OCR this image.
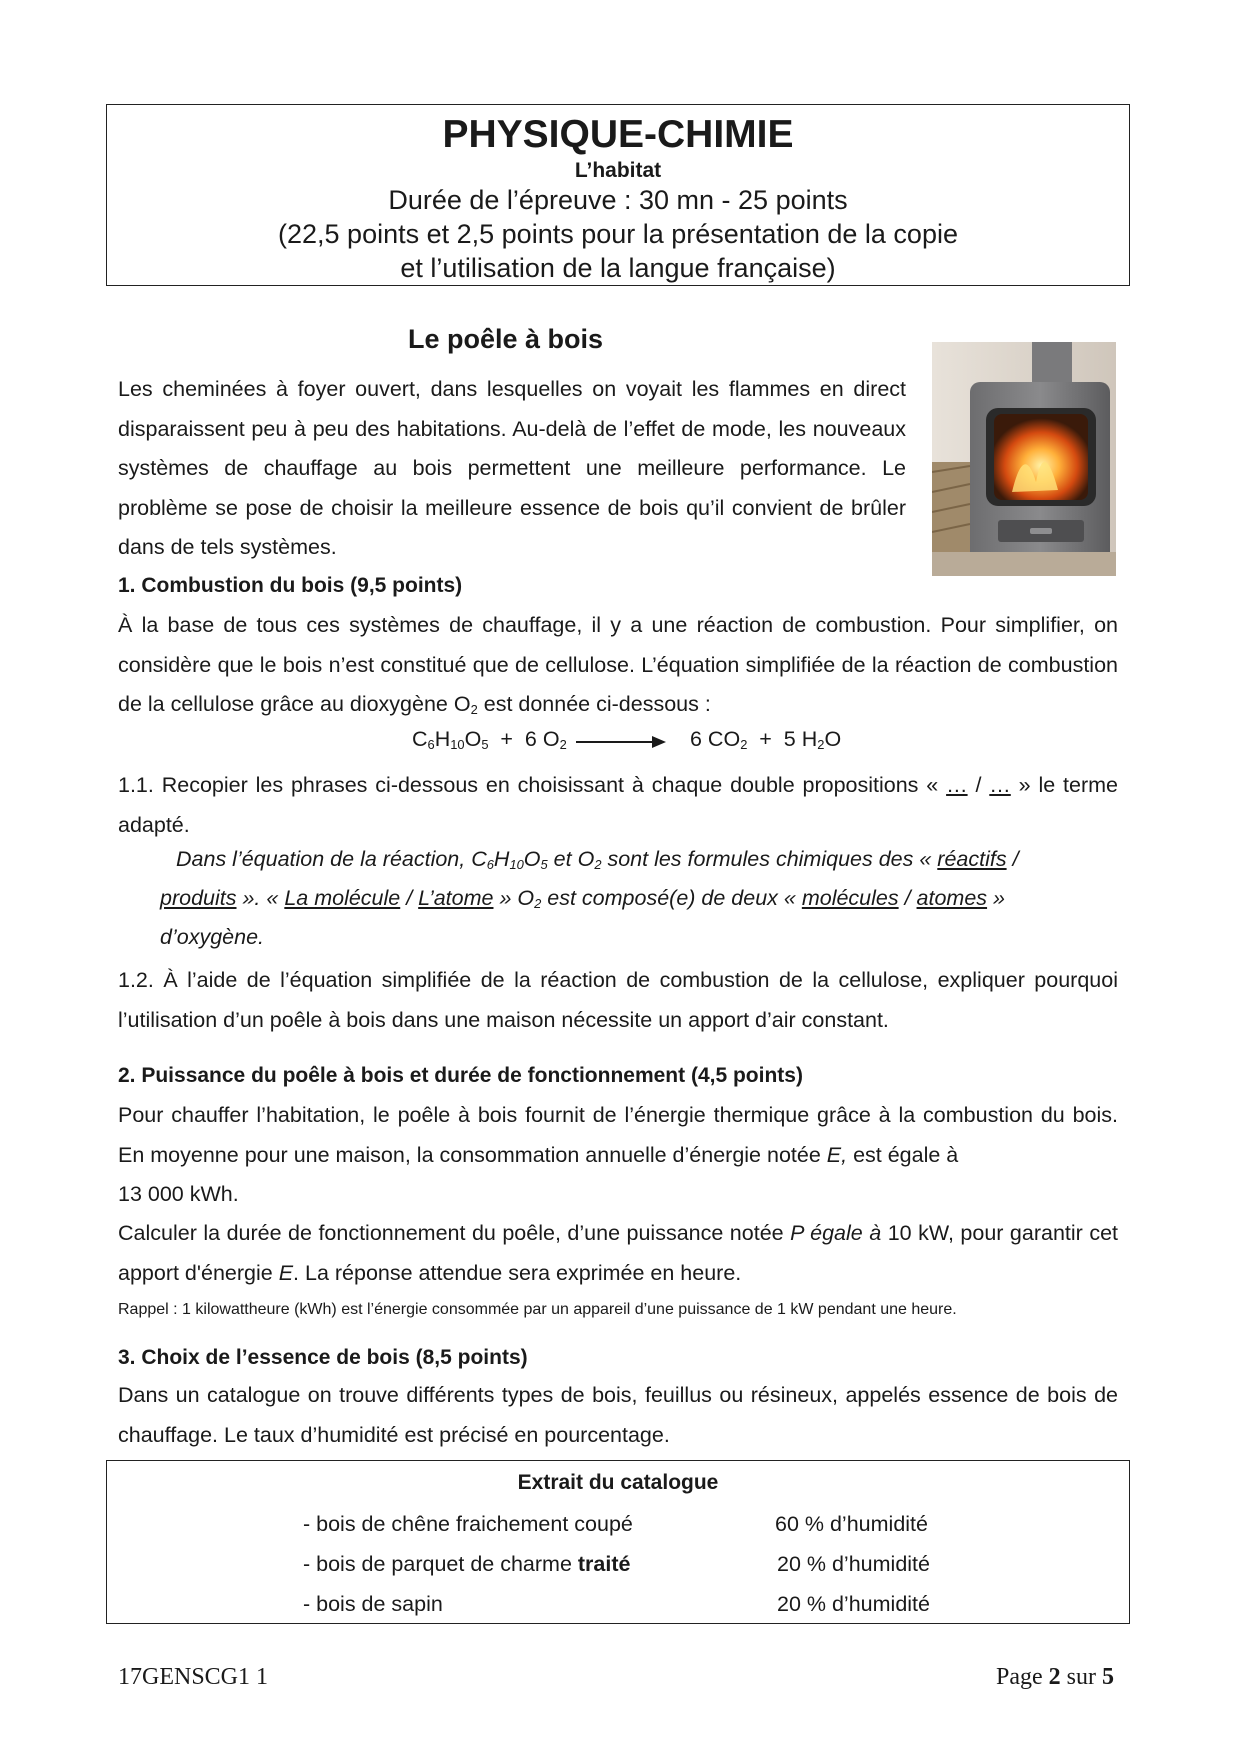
PHYSIQUE-CHIMIE
L’habitat
Durée de l’épreuve : 30 mn - 25 points
(22,5 points et 2,5 points pour la présentation de la copie
et l’utilisation de la langue française)
Le poêle à bois
Les cheminées à foyer ouvert, dans lesquelles on voyait les flammes en direct disparaissent peu à peu des habitations. Au-delà de l’effet de mode, les nouveaux systèmes de chauffage au bois permettent une meilleure performance. Le problème se pose de choisir la meilleure essence de bois qu’il convient de brûler dans de tels systèmes.
1. Combustion du bois (9,5 points)
À la base de tous ces systèmes de chauffage, il y a une réaction de combustion. Pour simplifier, on considère que le bois n’est constitué que de cellulose. L’équation simplifiée de la réaction de combustion de la cellulose grâce au dioxygène $O_2$ est donnée ci-dessous :
$C_6H_{10}O_5 + 6$ $O_2$	6 $CO_2 + 5$ $H_2O$
1.1. Recopier les phrases ci-dessous en choisissant à chaque double propositions « … / … » le terme adapté.
Dans l’équation de la réaction, $C_6H_{10}O_5$ et $O_2$ sont les formules chimiques des « réactifs /
produits ». « La molécule / L’atome » $O_2$ est composé(e) de deux « molécules / atomes »
d’oxygène.
1.2. À l’aide de l’équation simplifiée de la réaction de combustion de la cellulose, expliquer pourquoi l’utilisation d’un poêle à bois dans une maison nécessite un apport d’air constant.
2. Puissance du poêle à bois et durée de fonctionnement (4,5 points)
Pour chauffer l’habitation, le poêle à bois fournit de l’énergie thermique grâce à la combustion du bois. En moyenne pour une maison, la consommation annuelle d’énergie notée E, est égale à
13 000 kWh.
Calculer la durée de fonctionnement du poêle, d’une puissance notée P égale à 10 kW, pour garantir cet apport d'énergie E. La réponse attendue sera exprimée en heure.
Rappel : 1 kilowattheure (kWh) est l’énergie consommée par un appareil d’une puissance de 1 kW pendant une heure.
3. Choix de l’essence de bois (8,5 points)
Dans un catalogue on trouve différents types de bois, feuillus ou résineux, appelés essence de bois de chauffage. Le taux d’humidité est précisé en pourcentage.
Extrait du catalogue
- bois de chêne fraichement coupé	60 % d’humidité
- bois de parquet de charme traité	20 % d’humidité
- bois de sapin	20 % d’humidité
17GENSCG1 1	Page 2 sur 5
